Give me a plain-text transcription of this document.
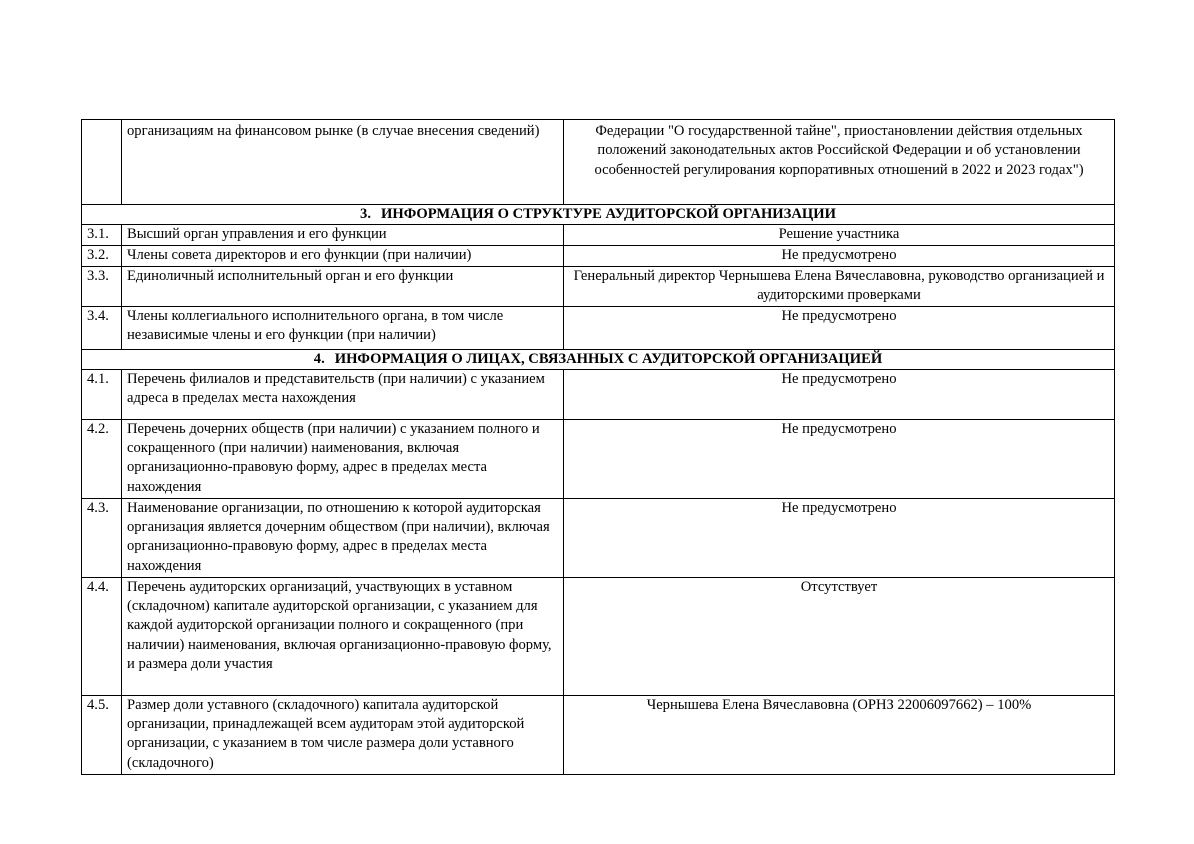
	организациям на финансовом рынке (в случае внесения сведений)	Федерации "О государственной тайне", приостановлении действия отдельных положений законодательных актов Российской Федерации и об установлении особенностей регулирования корпоративных отношений в 2022 и 2023 годах")
3. ИНФОРМАЦИЯ О СТРУКТУРЕ АУДИТОРСКОЙ ОРГАНИЗАЦИИ		
3.1.	Высший орган управления и его функции	Решение участника
3.2.	Члены совета директоров и его функции (при наличии)	Не предусмотрено
3.3.	Единоличный исполнительный орган и его функции	Генеральный директор Чернышева Елена Вячеславовна, руководство организацией и аудиторскими проверками
3.4.	Члены коллегиального исполнительного органа, в том числе независимые члены и его функции (при наличии)	Не предусмотрено
4. ИНФОРМАЦИЯ О ЛИЦАХ, СВЯЗАННЫХ С АУДИТОРСКОЙ ОРГАНИЗАЦИЕЙ		
4.1.	Перечень филиалов и представительств (при наличии) с указанием адреса в пределах места нахождения	Не предусмотрено
4.2.	Перечень дочерних обществ (при наличии) с указанием полного и сокращенного (при наличии) наименования, включая организационно-правовую форму, адрес в пределах места нахождения	Не предусмотрено
4.3.	Наименование организации, по отношению к которой аудиторская организация является дочерним обществом (при наличии), включая организационно-правовую форму, адрес в пределах места нахождения	Не предусмотрено
4.4.	Перечень аудиторских организаций, участвующих в уставном (складочном) капитале аудиторской организации, с указанием для каждой аудиторской организации полного и сокращенного (при наличии) наименования, включая организационно-правовую форму, и размера доли участия	Отсутствует
4.5.	Размер доли уставного (складочного) капитала аудиторской организации, принадлежащей всем аудиторам этой аудиторской организации, с указанием в том числе размера доли уставного (складочного)	Чернышева Елена Вячеславовна (ОРНЗ 22006097662) – 100%
